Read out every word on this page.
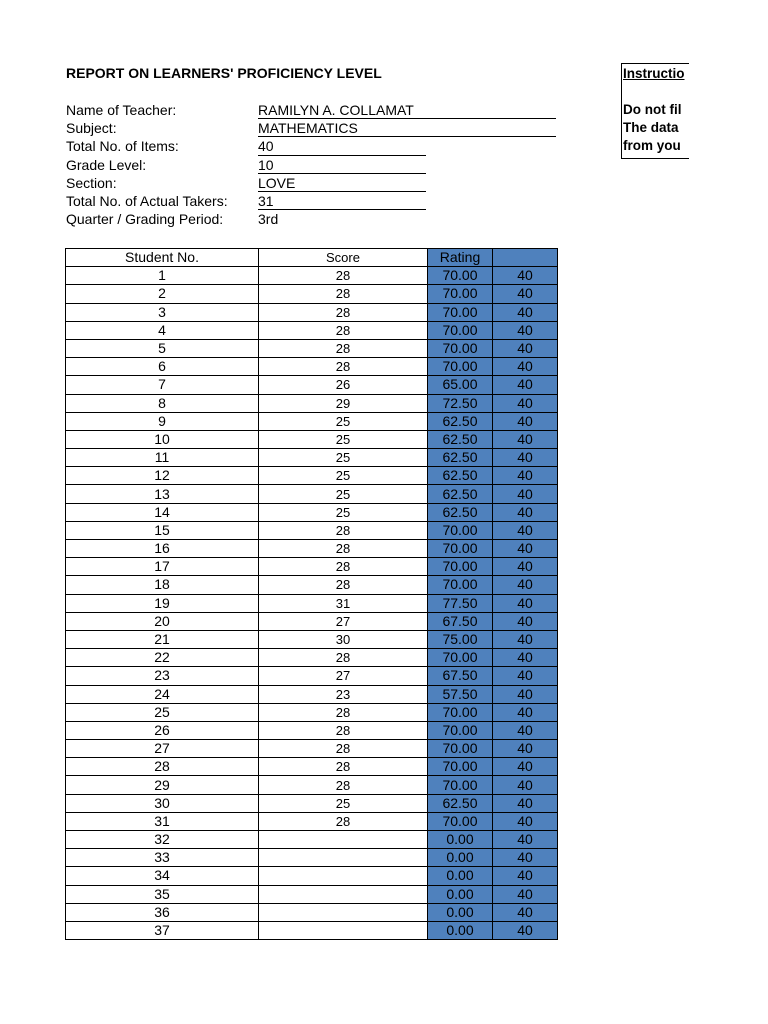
REPORT ON LEARNERS' PROFICIENCY LEVEL
Name of Teacher:	RAMILYN A. COLLAMAT
Subject:	MATHEMATICS
Total No. of Items:	40
Grade Level:	10
Section:	LOVE
Total No. of Actual Takers: 31
Quarter / Grading Period: 3rd
Instructio
Do not fil
The data
from you
Student No.	Score	Rating	
1	28	70.00	40
2	28	70.00	40
3	28	70.00	40
4	28	70.00	40
5	28	70.00	40
6	28	70.00	40
7	26	65.00	40
8	29	72.50	40
9	25	62.50	40
10	25	62.50	40
11	25	62.50	40
12	25	62.50	40
13	25	62.50	40
14	25	62.50	40
15	28	70.00	40
16	28	70.00	40
17	28	70.00	40
18	28	70.00	40
19	31	77.50	40
20	27	67.50	40
21	30	75.00	40
22	28	70.00	40
23	27	67.50	40
24	23	57.50	40
25	28	70.00	40
26	28	70.00	40
27	28	70.00	40
28	28	70.00	40
29	28	70.00	40
30	25	62.50	40
31	28	70.00	40
32		0.00	40
33		0.00	40
34		0.00	40
35		0.00	40
36		0.00	40
37		0.00	40
